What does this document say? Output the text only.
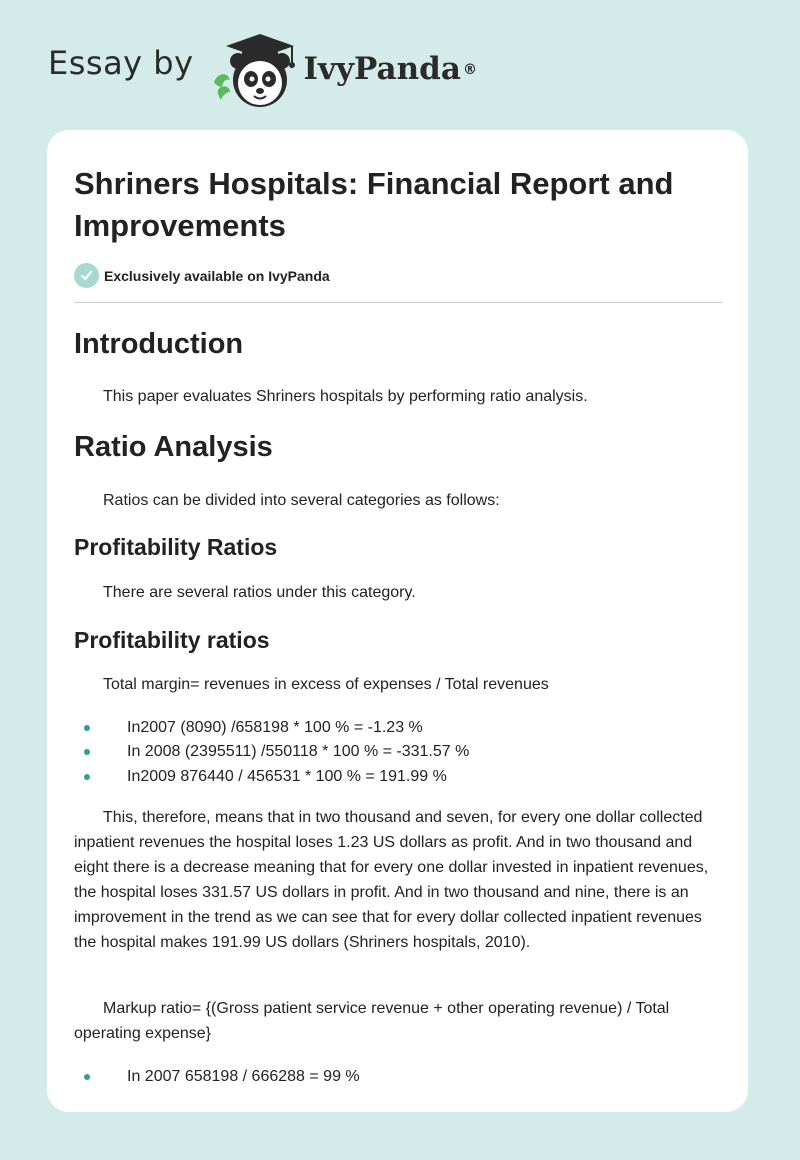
Essay by	IvyPanda ®
Shriners Hospitals: Financial Report and Improvements
Exclusively available on IvyPanda
Introduction

This paper evaluates Shriners hospitals by performing ratio analysis.

Ratio Analysis

Ratios can be divided into several categories as follows:

Profitability Ratios

There are several ratios under this category.

Profitability ratios

Total margin= revenues in excess of expenses / Total revenues

In2007 (8090) /658198 * 100 % = -1.23 %
In 2008 (2395511) /550118 * 100 % = -331.57 %
In2009 876440 / 456531 * 100 % = 191.99 %

This, therefore, means that in two thousand and seven, for every one dollar collected inpatient revenues the hospital loses 1.23 US dollars as profit. And in two thousand and eight there is a decrease meaning that for every one dollar invested in inpatient revenues, the hospital loses 331.57 US dollars in profit. And in two thousand and nine, there is an improvement in the trend as we can see that for every dollar collected inpatient revenues the hospital makes 191.99 US dollars (Shriners hospitals, 2010).

Markup ratio= {(Gross patient service revenue + other operating revenue) / Total operating expense}

In 2007 658198 / 666288 = 99 %
